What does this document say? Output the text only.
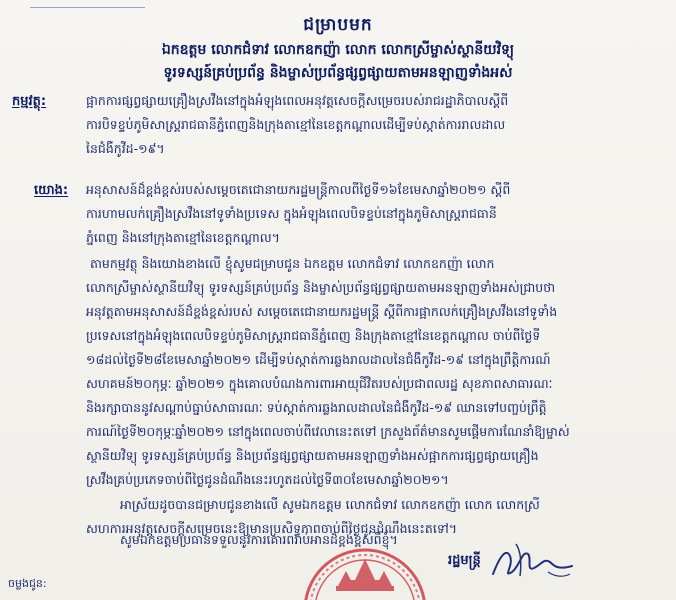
ជម្រាបមក
ឯកឧត្តម លោកជំទាវ លោកឧកញ៉ា លោក លោកស្រីម្ចាស់ស្ថានីយវិទ្យុ
ទូរទស្សន៍គ្រប់ប្រព័ន្ធ និងម្ចាស់ប្រព័ន្ធផ្សព្វផ្សាយតាមអនឡាញទាំងអស់
កម្មវត្ថុ:	ផ្អាកការផ្សព្វផ្សាយគ្រឿងស្រវឹងនៅក្នុងអំឡុងពេលអនុវត្តសេចក្តីសម្រេចរបស់រាជរដ្ឋាភិបាលស្តីពី
ការបិទខ្ទប់ភូមិសាស្ត្ររាជធានីភ្នំពេញនិងក្រុងតាខ្មៅនៃខេត្តកណ្តាលដើម្បីទប់ស្កាត់ការរាលដាល
នៃជំងឺកូវីដ-១៩។
យោង: អនុសាសន៍ដ៏ខ្ពង់ខ្ពស់របស់សម្តេចតេជោនាយករដ្ឋមន្ត្រីកាលពីថ្ងៃទី១៦ខែមេសាឆ្នាំ២០២១ ស្តីពី
ការហាមលក់គ្រឿងស្រវឹងនៅទូទាំងប្រទេស ក្នុងអំឡុងពេលបិទខ្ទប់នៅក្នុងភូមិសាស្ត្ររាជធានី
ភ្នំពេញ និងនៅក្រុងតាខ្មៅនៃខេត្តកណ្តាល។
តាមកម្មវត្ថុ និងយោងខាងលើ ខ្ញុំសូមជម្រាបជូន ឯកឧត្តម លោកជំទាវ លោកឧកញ៉ា លោក
លោកស្រីម្ចាស់ស្ថានីយវិទ្យុ ទូរទស្សន៍គ្រប់ប្រព័ន្ធ និងម្ចាស់ប្រព័ន្ធផ្សព្វផ្សាយតាមអនឡាញទាំងអស់ជ្រាបថា
អនុវត្តតាមអនុសាសន៍ដ៏ខ្ពង់ខ្ពស់របស់ សម្តេចតេជោនាយករដ្ឋមន្ត្រី ស្តីពីការផ្អាកលក់គ្រឿងស្រវឹងនៅទូទាំង
ប្រទេសនៅក្នុងអំឡុងពេលបិទខ្ទប់ភូមិសាស្ត្ររាជធានីភ្នំពេញ និងក្រុងតាខ្មៅនៃខេត្តកណ្តាល ចាប់ពីថ្ងៃទី
១៨ដល់ថ្ងៃទី២៨ខែមេសាឆ្នាំ២០២១ ដើម្បីទប់ស្កាត់ការឆ្លងរាលដាលនៃជំងឺកូវីដ-១៩ នៅក្នុងព្រឹត្តិការណ៍
សហគមន៍២០កុម្ភៈ ឆ្នាំ២០២១ ក្នុងគោលបំណងការពារអាយុជីវិតរបស់ប្រជាពលរដ្ឋ សុខភាពសាធារណៈ
និងរក្សាបាននូវសណ្តាប់ធ្នាប់សាធារណៈ ទប់ស្កាត់ការឆ្លងរាលដាលនៃជំងឺកូវីដ-១៩ ឈានទៅបញ្ចប់ព្រឹត្តិ
ការណ៍ថ្ងៃទី២០កុម្ភៈឆ្នាំ២០២១ នៅក្នុងពេលចាប់ពីវេលានេះតទៅ ក្រសួងព័ត៌មានសូមផ្តើមការណែនាំឱ្យម្ចាស់
ស្ថានីយវិទ្យុ ទូរទស្សន៍គ្រប់ប្រព័ន្ធ និងប្រព័ន្ធផ្សព្វផ្សាយតាមអនឡាញទាំងអស់ផ្អាកការផ្សព្វផ្សាយគ្រឿង
ស្រវឹងគ្រប់ប្រភេទចាប់ពីថ្ងៃជូនដំណឹងនេះរហូតដល់ថ្ងៃទី៣០ខែមេសាឆ្នាំ២០២១។
អាស្រ័យដូចបានជម្រាបជូនខាងលើ សូមឯកឧត្តម លោកជំទាវ លោកឧកញ៉ា លោក លោកស្រី
សហការអនុវត្តសេចក្តីសម្រេចនេះឱ្យមានប្រសិទ្ធភាពចាប់ពីថ្ងៃជូនដំណឹងនេះតទៅ។
សូមឯកឧត្តមប្រធានទទួលនូវការគោរពរាប់អានដ៏ខ្ពង់ខ្ពស់ពីខ្ញុំ។
រដ្ឋមន្ត្រី
ចម្លងជូន:
